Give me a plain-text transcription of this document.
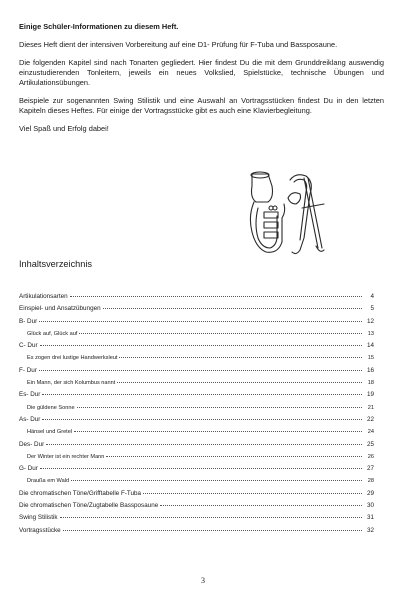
Einige Schüler-Informationen zu diesem Heft.

Dieses Heft dient der intensiven Vorbereitung auf eine D1- Prüfung für F-Tuba und Bassposaune.

Die folgenden Kapitel sind nach Tonarten gegliedert. Hier findest Du die mit dem Grunddreiklang auswendig einzustudierenden Tonleitern, jeweils ein neues Volkslied, Spielstücke, technische Übungen und Artikulationsübungen.

Beispiele zur sogenannten Swing Stilistik und eine Auswahl an Vortragsstücken findest Du in den letzten Kapiteln dieses Heftes. Für einige der Vortragsstücke gibt es auch eine Klavierbegleitung.

Viel Spaß und Erfolg dabei!

Inhaltsverzeichnis
Artikulationsarten	4
Einspiel- und Ansatzübungen	5
B- Dur	12
Glück auf, Glück auf	13
C- Dur	14
Es zogen drei lustige Handwerksleut	15
F- Dur	16
Ein Mann, der sich Kolumbus nannt	18
Es- Dur	19
Die güldene Sonne	21
As- Dur	22
Hänsel und Gretel	24
Des- Dur	25
Der Winter ist ein rechter Mann	26
G- Dur	27
Draußa em Wald	28
Die chromatischen Töne/Grifftabelle F-Tuba	29
Die chromatischen Töne/Zugtabelle Bassposaune	30
Swing Stilistik	31
Vortragsstücke	32
3
